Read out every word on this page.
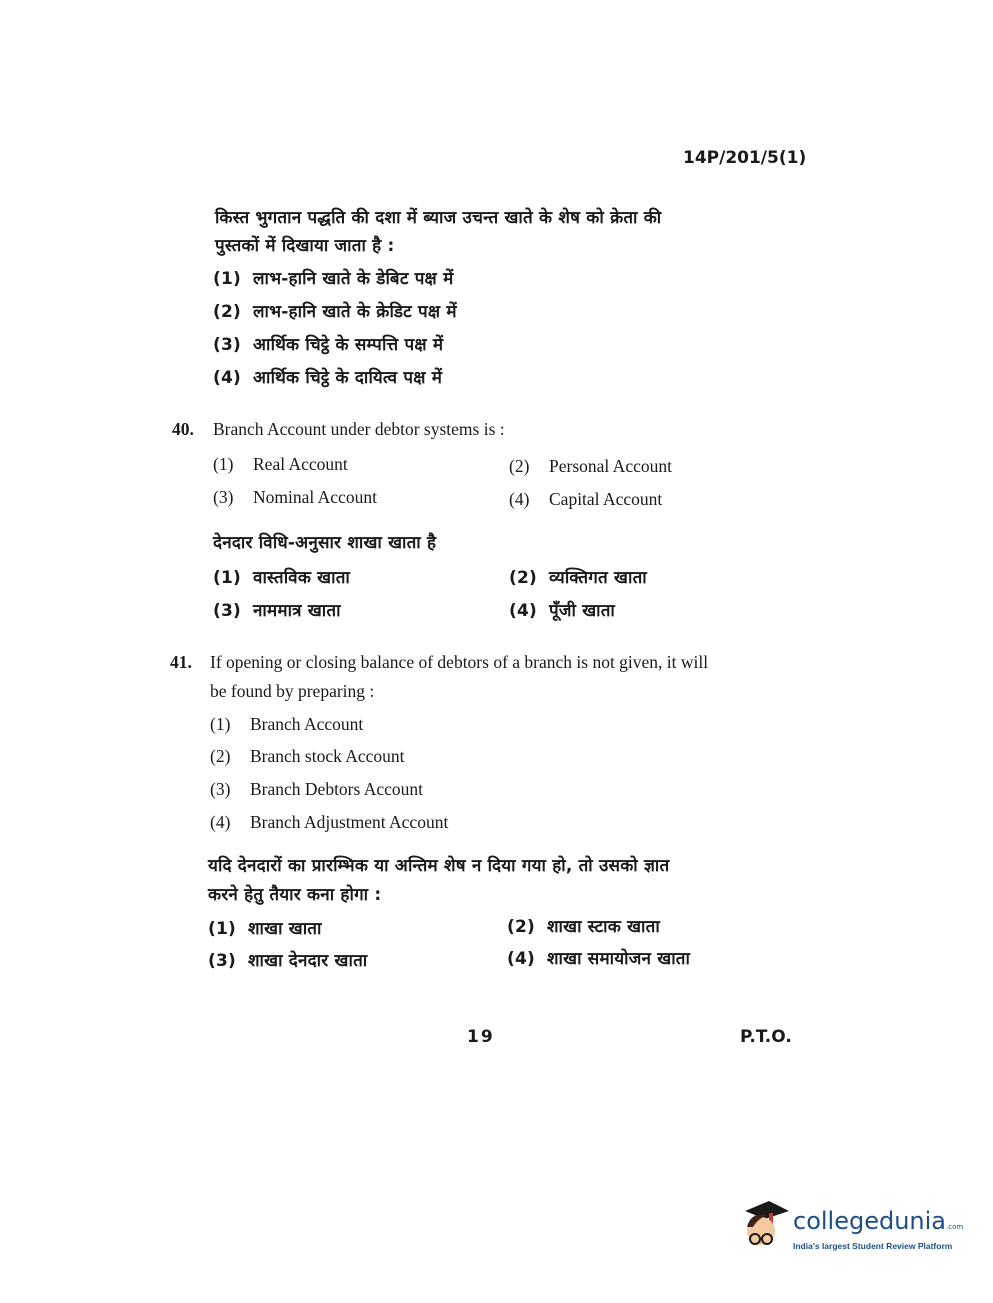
14P/201/5(1)
किस्त भुगतान पद्धति की दशा में ब्याज उचन्त खाते के शेष को क्रेता की
पुस्तकों में दिखाया जाता है :
(1) लाभ-हानि खाते के डेबिट पक्ष में
(2) लाभ-हानि खाते के क्रेडिट पक्ष में
(3) आर्थिक चिट्ठे के सम्पत्ति पक्ष में
(4) आर्थिक चिट्ठे के दायित्व पक्ष में
40. Branch Account under debtor systems is :
(1) Real Account	(2) Personal Account
(3) Nominal Account	(4) Capital Account
देनदार विधि-अनुसार शाखा खाता है
(1) वास्तविक खाता	(2) व्यक्तिगत खाता
(3) नाममात्र खाता	(4) पूँजी खाता
41. If opening or closing balance of debtors of a branch is not given, it will
be found by preparing :
(1) Branch Account
(2) Branch stock Account
(3) Branch Debtors Account
(4) Branch Adjustment Account
यदि देनदारों का प्रारम्भिक या अन्तिम शेष न दिया गया हो, तो उसको ज्ञात
करने हेतु तैयार कना होगा :
(1) शाखा खाता	(2) शाखा स्टाक खाता
(3) शाखा देनदार खाता	(4) शाखा समायोजन खाता
19	P.T.O.
collegedunia.com
India's largest Student Review Platform
